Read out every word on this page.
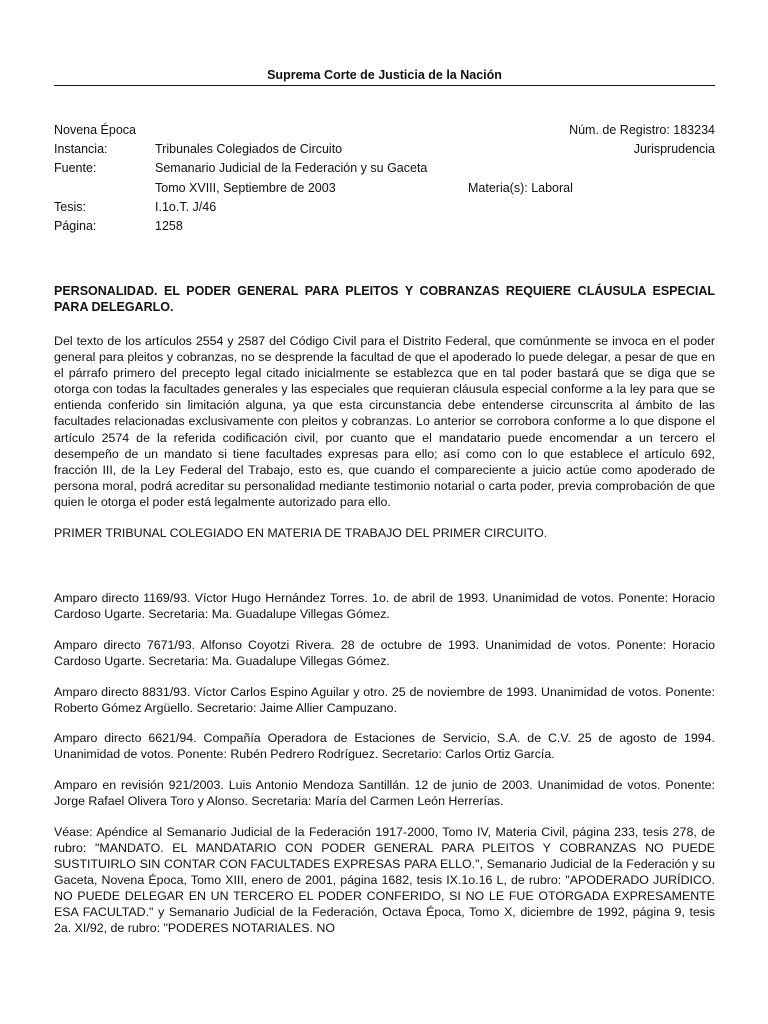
Suprema Corte de Justicia de la Nación
Novena Época	Núm. de Registro: 183234
Instancia:	Tribunales Colegiados de Circuito	Jurisprudencia
Fuente:	Semanario Judicial de la Federación y su Gaceta
Tomo XVIII, Septiembre de 2003	Materia(s): Laboral
Tesis:	I.1o.T. J/46
Página:	1258
PERSONALIDAD. EL PODER GENERAL PARA PLEITOS Y COBRANZAS REQUIERE CLÁUSULA ESPECIAL PARA DELEGARLO.

Del texto de los artículos 2554 y 2587 del Código Civil para el Distrito Federal, que comúnmente se invoca en el poder general para pleitos y cobranzas, no se desprende la facultad de que el apoderado lo puede delegar, a pesar de que en el párrafo primero del precepto legal citado inicialmente se establezca que en tal poder bastará que se diga que se otorga con todas la facultades generales y las especiales que requieran cláusula especial conforme a la ley para que se entienda conferido sin limitación alguna, ya que esta circunstancia debe entenderse circunscrita al ámbito de las facultades relacionadas exclusivamente con pleitos y cobranzas. Lo anterior se corrobora conforme a lo que dispone el artículo 2574 de la referida codificación civil, por cuanto que el mandatario puede encomendar a un tercero el desempeño de un mandato si tiene facultades expresas para ello; así como con lo que establece el artículo 692, fracción III, de la Ley Federal del Trabajo, esto es, que cuando el compareciente a juicio actúe como apoderado de persona moral, podrá acreditar su personalidad mediante testimonio notarial o carta poder, previa comprobación de que quien le otorga el poder está legalmente autorizado para ello.

PRIMER TRIBUNAL COLEGIADO EN MATERIA DE TRABAJO DEL PRIMER CIRCUITO.

Amparo directo 1169/93. Víctor Hugo Hernández Torres. 1o. de abril de 1993. Unanimidad de votos. Ponente: Horacio Cardoso Ugarte. Secretaria: Ma. Guadalupe Villegas Gómez.

Amparo directo 7671/93. Alfonso Coyotzi Rivera. 28 de octubre de 1993. Unanimidad de votos. Ponente: Horacio Cardoso Ugarte. Secretaria: Ma. Guadalupe Villegas Gómez.

Amparo directo 8831/93. Víctor Carlos Espino Aguilar y otro. 25 de noviembre de 1993. Unanimidad de votos. Ponente: Roberto Gómez Argüello. Secretario: Jaime Allier Campuzano.

Amparo directo 6621/94. Compañía Operadora de Estaciones de Servicio, S.A. de C.V. 25 de agosto de 1994. Unanimidad de votos. Ponente: Rubén Pedrero Rodríguez. Secretario: Carlos Ortiz García.

Amparo en revisión 921/2003. Luis Antonio Mendoza Santillán. 12 de junio de 2003. Unanimidad de votos. Ponente: Jorge Rafael Olivera Toro y Alonso. Secretaria: María del Carmen León Herrerías.

Véase: Apéndice al Semanario Judicial de la Federación 1917-2000, Tomo IV, Materia Civil, página 233, tesis 278, de rubro: "MANDATO. EL MANDATARIO CON PODER GENERAL PARA PLEITOS Y COBRANZAS NO PUEDE SUSTITUIRLO SIN CONTAR CON FACULTADES EXPRESAS PARA ELLO.", Semanario Judicial de la Federación y su Gaceta, Novena Época, Tomo XIII, enero de 2001, página 1682, tesis IX.1o.16 L, de rubro: "APODERADO JURÍDICO. NO PUEDE DELEGAR EN UN TERCERO EL PODER CONFERIDO, SI NO LE FUE OTORGADA EXPRESAMENTE ESA FACULTAD." y Semanario Judicial de la Federación, Octava Época, Tomo X, diciembre de 1992, página 9, tesis 2a. XI/92, de rubro: "PODERES NOTARIALES. NO
